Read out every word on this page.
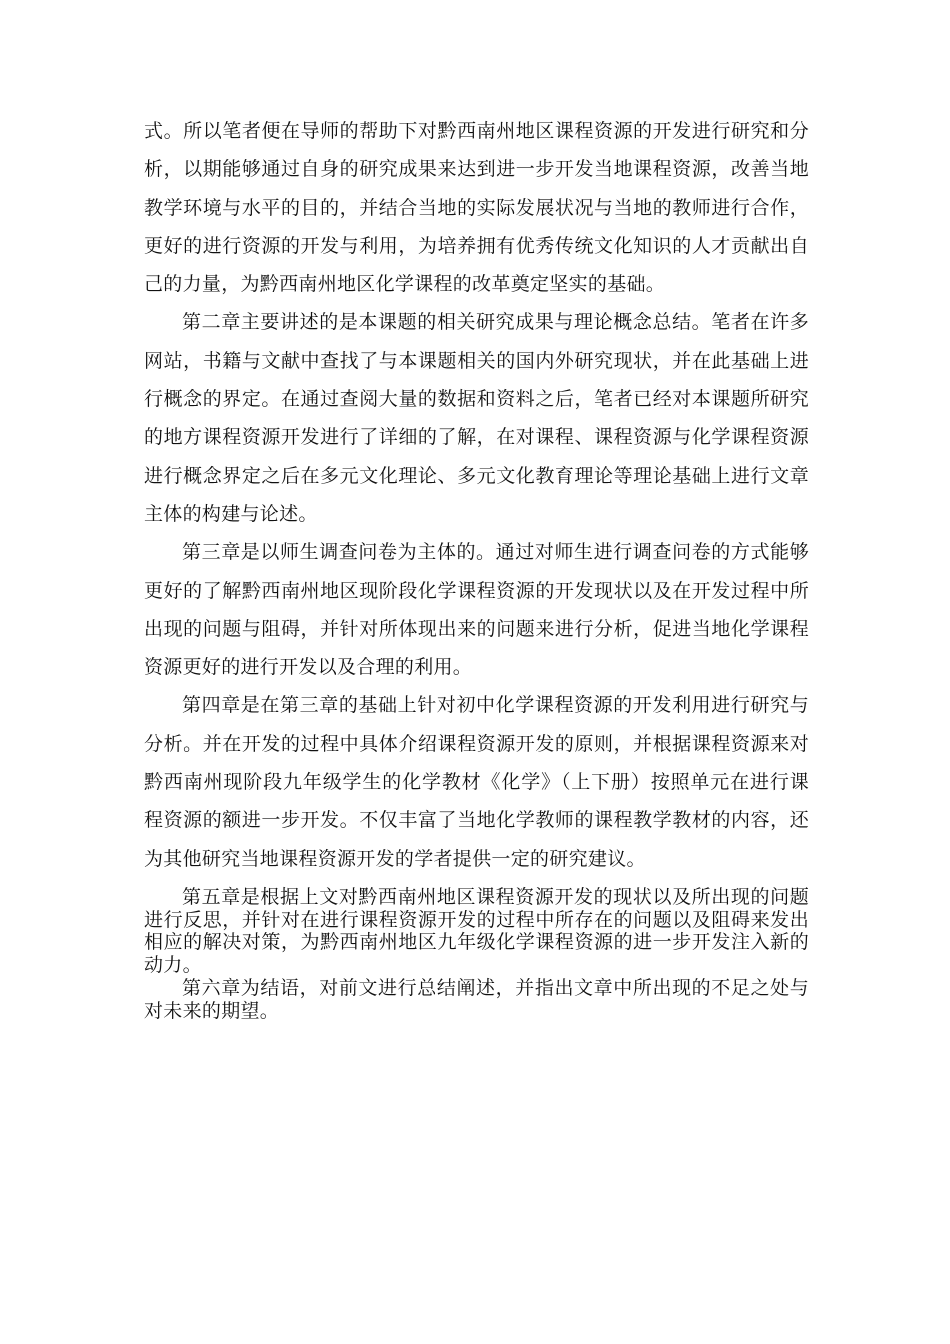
式。所以笔者便在导师的帮助下对黔西南州地区课程资源的开发进行研究和分析，以期能够通过自身的研究成果来达到进一步开发当地课程资源，改善当地教学环境与水平的目的，并结合当地的实际发展状况与当地的教师进行合作，更好的进行资源的开发与利用，为培养拥有优秀传统文化知识的人才贡献出自己的力量，为黔西南州地区化学课程的改革奠定坚实的基础。

第二章主要讲述的是本课题的相关研究成果与理论概念总结。笔者在许多网站，书籍与文献中查找了与本课题相关的国内外研究现状，并在此基础上进行概念的界定。在通过查阅大量的数据和资料之后，笔者已经对本课题所研究的地方课程资源开发进行了详细的了解，在对课程、课程资源与化学课程资源进行概念界定之后在多元文化理论、多元文化教育理论等理论基础上进行文章主体的构建与论述。

第三章是以师生调查问卷为主体的。通过对师生进行调查问卷的方式能够更好的了解黔西南州地区现阶段化学课程资源的开发现状以及在开发过程中所出现的问题与阻碍，并针对所体现出来的问题来进行分析，促进当地化学课程资源更好的进行开发以及合理的利用。

第四章是在第三章的基础上针对初中化学课程资源的开发利用进行研究与分析。并在开发的过程中具体介绍课程资源开发的原则，并根据课程资源来对黔西南州现阶段九年级学生的化学教材《化学》（上下册）按照单元在进行课程资源的额进一步开发。不仅丰富了当地化学教师的课程教学教材的内容，还为其他研究当地课程资源开发的学者提供一定的研究建议。

第五章是根据上文对黔西南州地区课程资源开发的现状以及所出现的问题进行反思，并针对在进行课程资源开发的过程中所存在的问题以及阻碍来发出相应的解决对策，为黔西南州地区九年级化学课程资源的进一步开发注入新的动力。

第六章为结语，对前文进行总结阐述，并指出文章中所出现的不足之处与对未来的期望。
